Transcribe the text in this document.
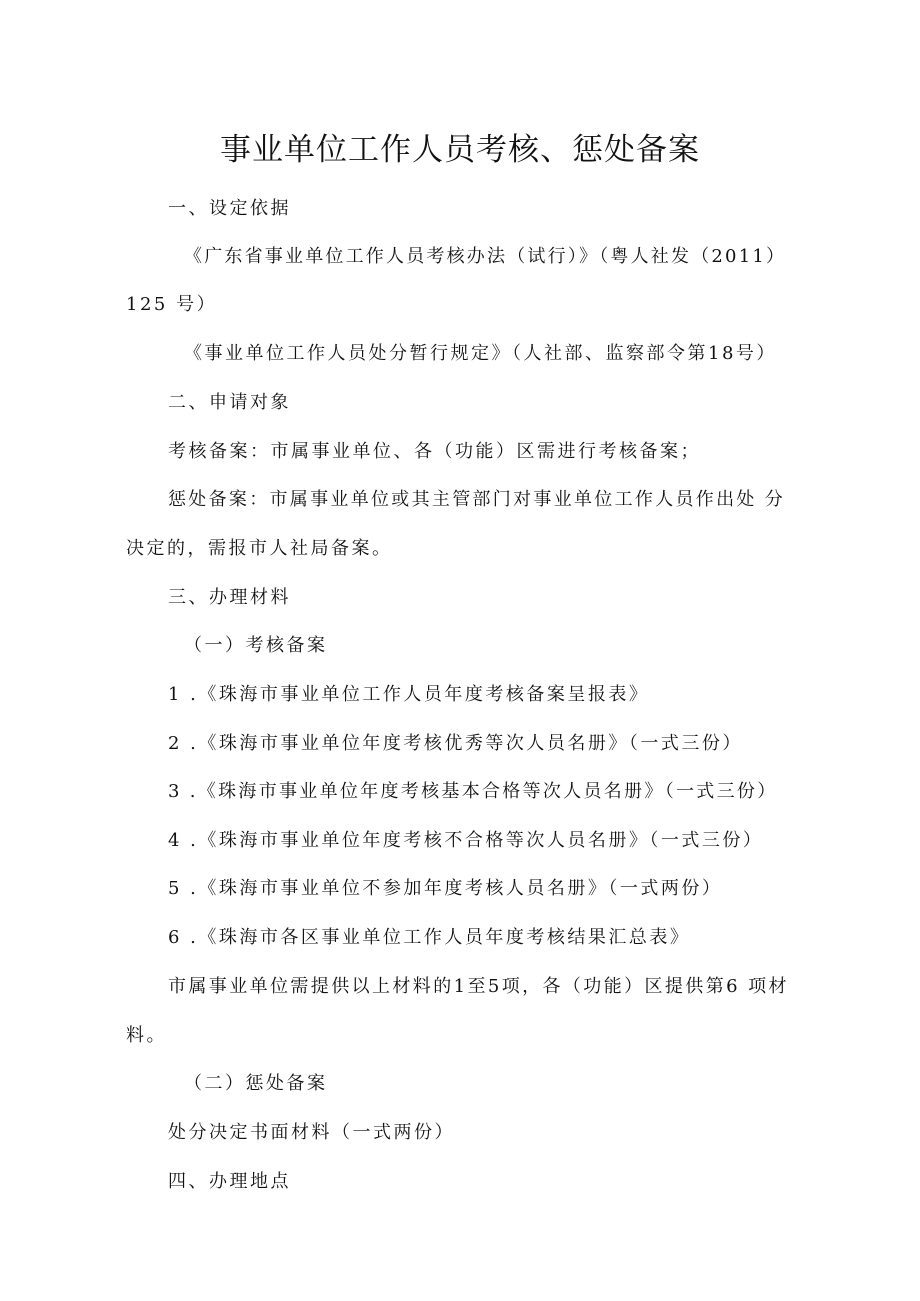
事业单位工作人员考核、惩处备案
一、设定依据
《广东省事业单位工作人员考核办法（试行）》（粤人社发（2011）
125 号）
《事业单位工作人员处分暂行规定》（人社部、监察部令第18号）
二、申请对象
考核备案：市属事业单位、各（功能）区需进行考核备案；
惩处备案：市属事业单位或其主管部门对事业单位工作人员作出处 分
决定的，需报市人社局备案。
三、办理材料
（一）考核备案
1 .《珠海市事业单位工作人员年度考核备案呈报表》
2 .《珠海市事业单位年度考核优秀等次人员名册》（一式三份）
3 .《珠海市事业单位年度考核基本合格等次人员名册》（一式三份）
4 .《珠海市事业单位年度考核不合格等次人员名册》（一式三份）
5 .《珠海市事业单位不参加年度考核人员名册》（一式两份）
6 .《珠海市各区事业单位工作人员年度考核结果汇总表》
市属事业单位需提供以上材料的1至5项，各（功能）区提供第6 项材
料。
（二）惩处备案
处分决定书面材料（一式两份）
四、办理地点
